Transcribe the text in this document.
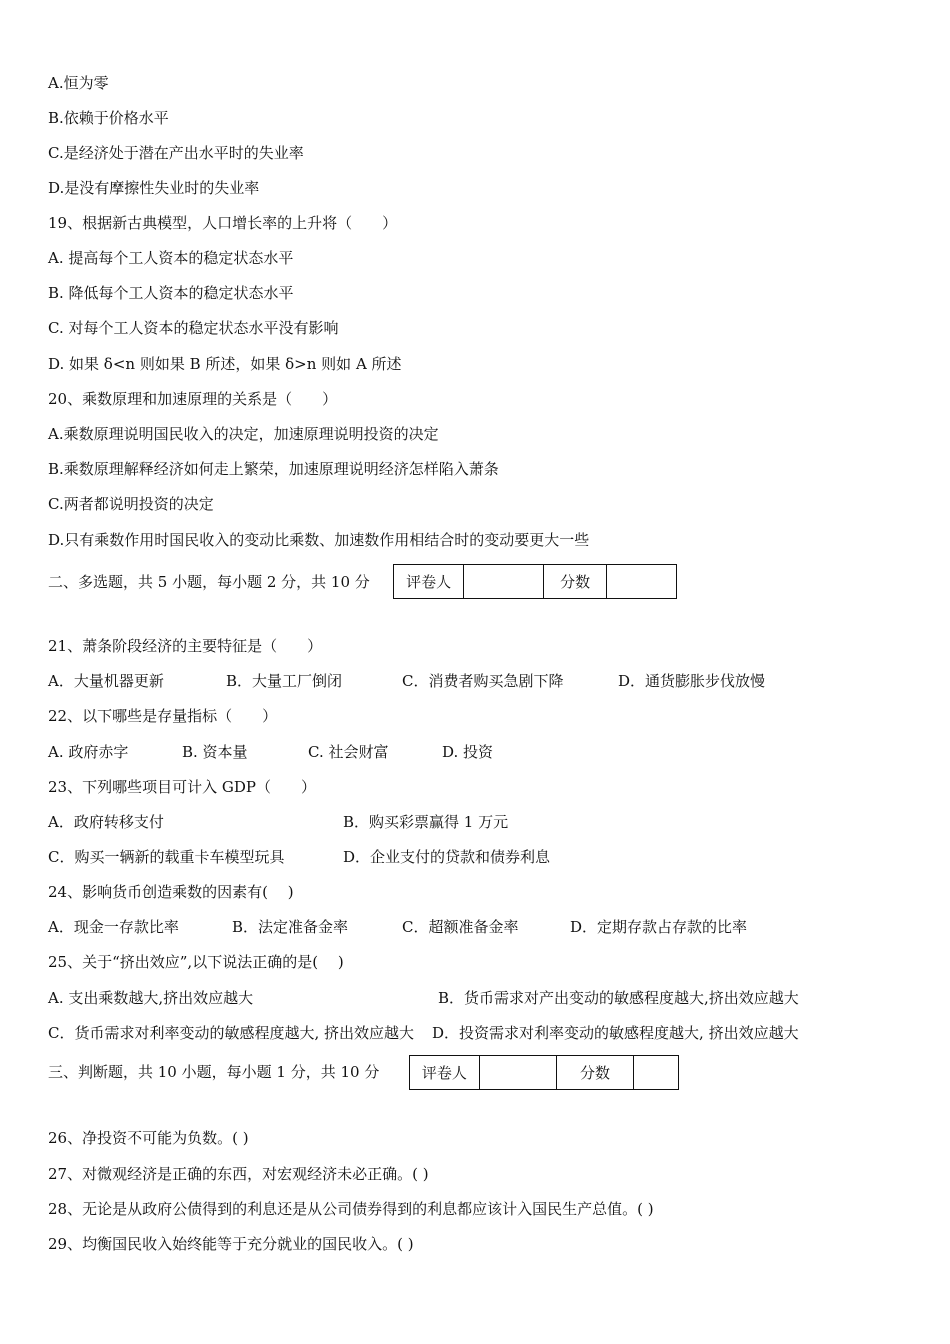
A.恒为零
B.依赖于价格水平
C.是经济处于潜在产出水平时的失业率
D.是没有摩擦性失业时的失业率
19、根据新古典模型，人口增长率的上升将（　　）
A. 提高每个工人资本的稳定状态水平
B. 降低每个工人资本的稳定状态水平
C. 对每个工人资本的稳定状态水平没有影响
D. 如果 δ<n 则如果 B 所述，如果 δ>n 则如 A 所述
20、乘数原理和加速原理的关系是（　　）
A.乘数原理说明国民收入的决定，加速原理说明投资的决定
B.乘数原理解释经济如何走上繁荣，加速原理说明经济怎样陷入萧条
C.两者都说明投资的决定
D.只有乘数作用时国民收入的变动比乘数、加速数作用相结合时的变动要更大一些
二、多选题，共 5 小题，每小题 2 分，共 10 分 评卷人		分数	
21、萧条阶段经济的主要特征是（　　）
A．大量机器更新	B．大量工厂倒闭	C．消费者购买急剧下降	D．通货膨胀步伐放慢
22、以下哪些是存量指标（　　）
A. 政府赤字	B. 资本量	C. 社会财富	D. 投资
23、下列哪些项目可计入 GDP（　　）
A．政府转移支付	B．购买彩票赢得 1 万元
C．购买一辆新的载重卡车模型玩具	D．企业支付的贷款和债券利息
24、影响货币创造乘数的因素有(　 )
A．现金一存款比率	B．法定准备金率	C．超额准备金率	D．定期存款占存款的比率
25、关于“挤出效应”,以下说法正确的是(　 )
A. 支出乘数越大,挤出效应越大	B．货币需求对产出变动的敏感程度越大,挤出效应越大
C．货币需求对利率变动的敏感程度越大, 挤出效应越大 D．投资需求对利率变动的敏感程度越大, 挤出效应越大
三、判断题，共 10 小题，每小题 1 分，共 10 分	评卷人		分数	
26、净投资不可能为负数。( )
27、对微观经济是正确的东西，对宏观经济未必正确。( )
28、无论是从政府公债得到的利息还是从公司债券得到的利息都应该计入国民生产总值。( )
29、均衡国民收入始终能等于充分就业的国民收入。( )
